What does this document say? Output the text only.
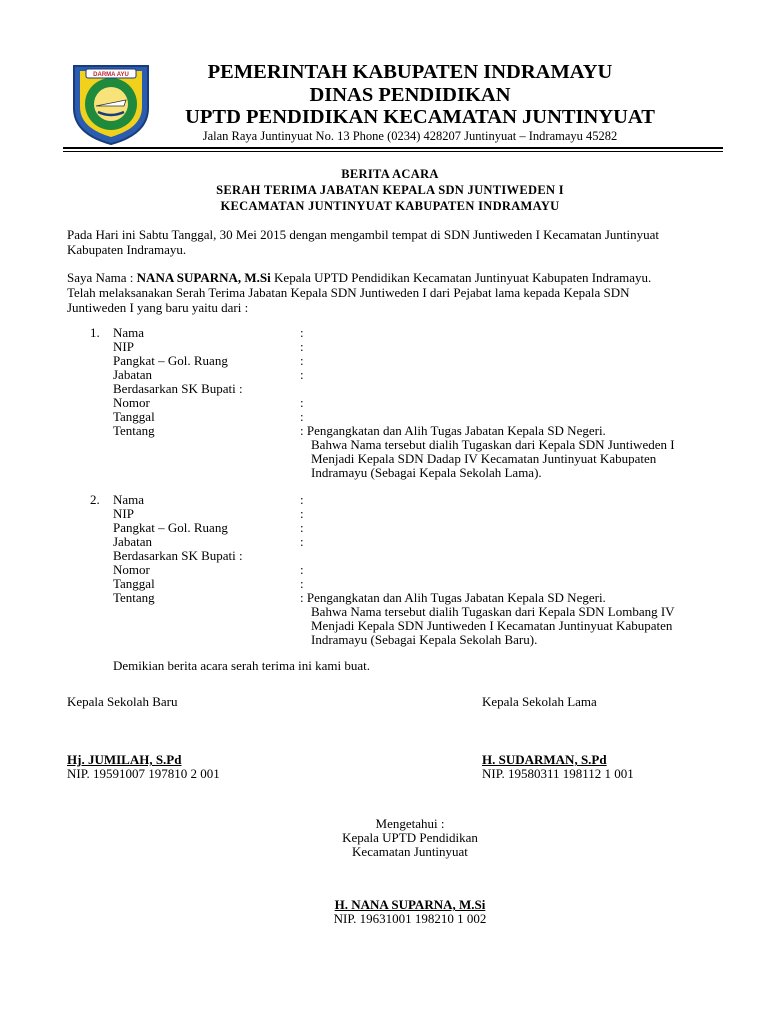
DARMA AYU	PEMERINTAH KABUPATEN INDRAMAYU
DINAS PENDIDIKAN
UPTD PENDIDIKAN KECAMATAN JUNTINYUAT
Jalan Raya Juntinyuat No. 13 Phone (0234) 428207 Juntinyuat – Indramayu 45282
BERITA ACARA
SERAH TERIMA JABATAN KEPALA SDN JUNTIWEDEN I
KECAMATAN JUNTINYUAT KABUPATEN INDRAMAYU
Pada Hari ini Sabtu Tanggal, 30 Mei 2015 dengan mengambil tempat di SDN Juntiweden I Kecamatan Juntinyuat
Kabupaten Indramayu.
Saya Nama : NANA SUPARNA, M.Si Kepala UPTD Pendidikan Kecamatan Juntinyuat Kabupaten Indramayu.
Telah melaksanakan Serah Terima Jabatan Kepala SDN Juntiweden I dari Pejabat lama kepada Kepala SDN
Juntiweden I yang baru yaitu dari :
1. Nama
NIP
Pangkat – Gol. Ruang
Jabatan
Berdasarkan SK Bupati :
Nomor
Tanggal
Tentang
:
:
:
:
:
:
: Pengangkatan dan Alih Tugas Jabatan Kepala SD Negeri.
Bahwa Nama tersebut dialih Tugaskan dari Kepala SDN Juntiweden I
Menjadi Kepala SDN Dadap IV Kecamatan Juntinyuat Kabupaten
Indramayu (Sebagai Kepala Sekolah Lama).
2. Nama
NIP
Pangkat – Gol. Ruang
Jabatan
Berdasarkan SK Bupati :
Nomor
Tanggal
Tentang
:
:
:
:
:
:
: Pengangkatan dan Alih Tugas Jabatan Kepala SD Negeri.
Bahwa Nama tersebut dialih Tugaskan dari Kepala SDN Lombang IV
Menjadi Kepala SDN Juntiweden I Kecamatan Juntinyuat Kabupaten
Indramayu (Sebagai Kepala Sekolah Baru).
Demikian berita acara serah terima ini kami buat.
Kepala Sekolah Baru	Kepala Sekolah Lama
Hj. JUMILAH, S.Pd
NIP. 19591007 197810 2 001
H. SUDARMAN, S.Pd
NIP. 19580311 198112 1 001
Mengetahui :
Kepala UPTD Pendidikan
Kecamatan Juntinyuat
H. NANA SUPARNA, M.Si
NIP. 19631001 198210 1 002
